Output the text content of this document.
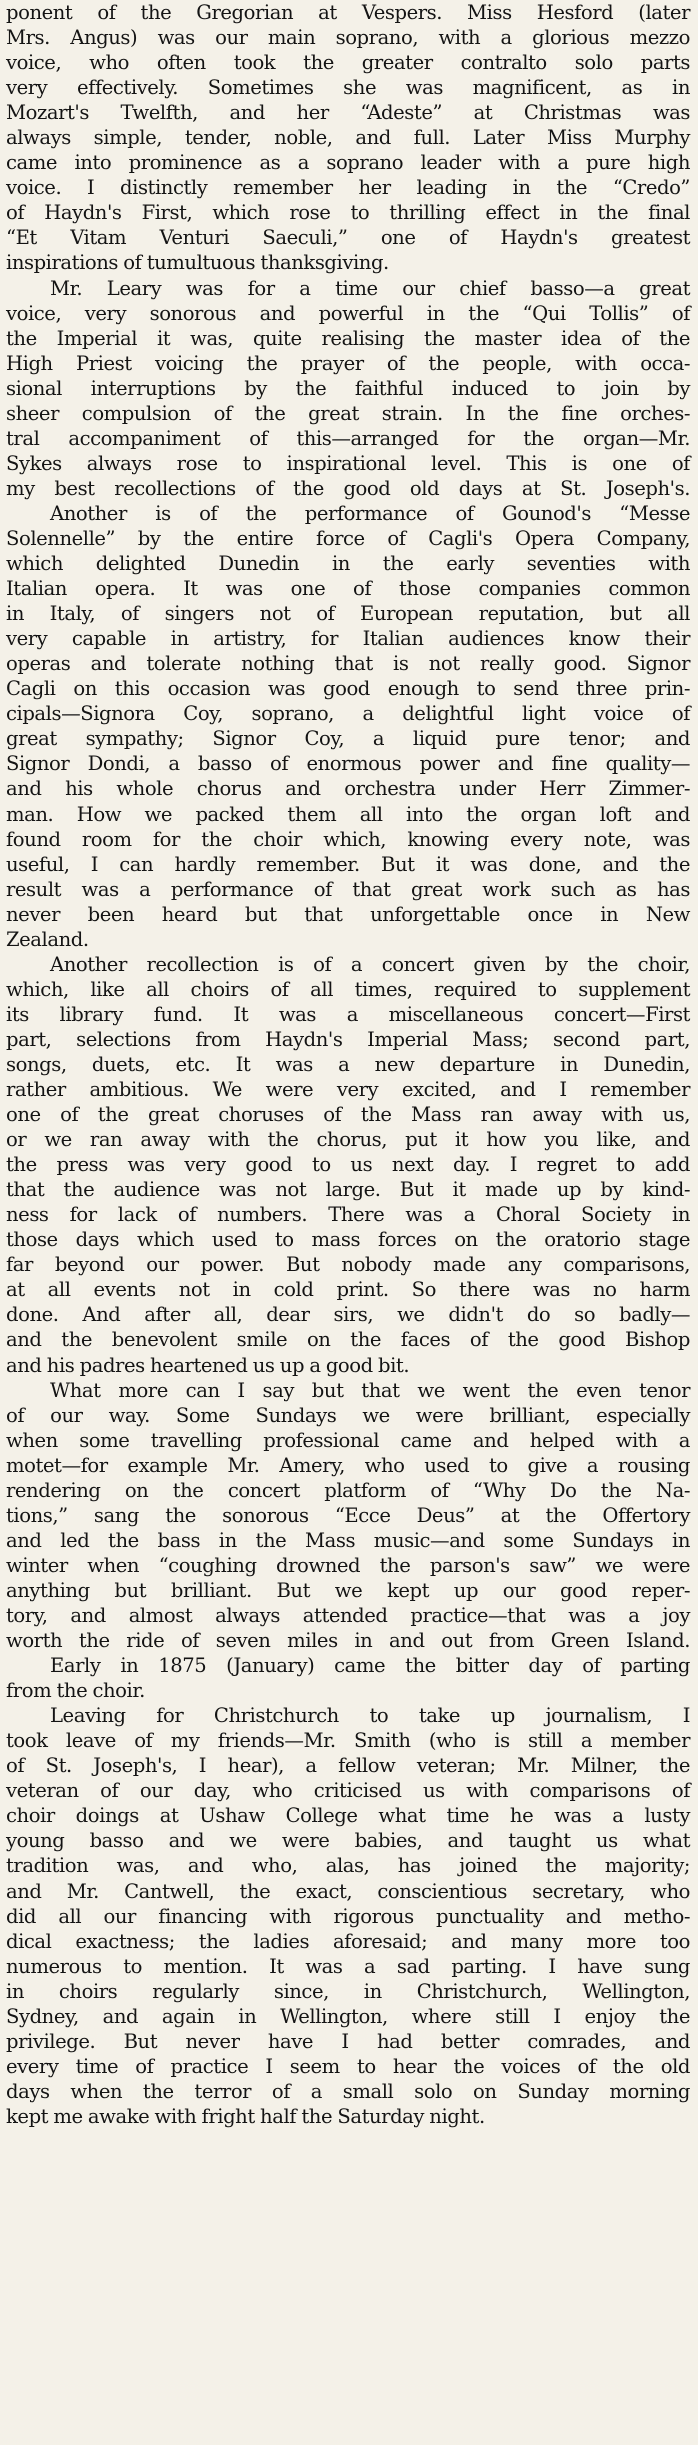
ponent of the Gregorian at Vespers. Miss Hesford (later
Mrs. Angus) was our main soprano, with a glorious mezzo
voice, who often took the greater contralto solo parts
very effectively. Sometimes she was magnificent, as in
Mozart's Twelfth, and her “Adeste” at Christmas was
always simple, tender, noble, and full. Later Miss Murphy
came into prominence as a soprano leader with a pure high
voice. I distinctly remember her leading in the “Credo”
of Haydn's First, which rose to thrilling effect in the final
“Et Vitam Venturi Saeculi,” one of Haydn's greatest
inspirations of tumultuous thanksgiving.

Mr. Leary was for a time our chief basso—a great
voice, very sonorous and powerful in the “Qui Tollis” of
the Imperial it was, quite realising the master idea of the
High Priest voicing the prayer of the people, with occa-
sional interruptions by the faithful induced to join by
sheer compulsion of the great strain. In the fine orches-
tral accompaniment of this—arranged for the organ—Mr.
Sykes always rose to inspirational level. This is one of
my best recollections of the good old days at St. Joseph's.

Another is of the performance of Gounod's “Messe
Solennelle” by the entire force of Cagli's Opera Company,
which delighted Dunedin in the early seventies with
Italian opera. It was one of those companies common
in Italy, of singers not of European reputation, but all
very capable in artistry, for Italian audiences know their
operas and tolerate nothing that is not really good. Signor
Cagli on this occasion was good enough to send three prin-
cipals—Signora Coy, soprano, a delightful light voice of
great sympathy; Signor Coy, a liquid pure tenor; and
Signor Dondi, a basso of enormous power and fine quality—
and his whole chorus and orchestra under Herr Zimmer-
man. How we packed them all into the organ loft and
found room for the choir which, knowing every note, was
useful, I can hardly remember. But it was done, and the
result was a performance of that great work such as has
never been heard but that unforgettable once in New
Zealand.

Another recollection is of a concert given by the choir,
which, like all choirs of all times, required to supplement
its library fund. It was a miscellaneous concert—First
part, selections from Haydn's Imperial Mass; second part,
songs, duets, etc. It was a new departure in Dunedin,
rather ambitious. We were very excited, and I remember
one of the great choruses of the Mass ran away with us,
or we ran away with the chorus, put it how you like, and
the press was very good to us next day. I regret to add
that the audience was not large. But it made up by kind-
ness for lack of numbers. There was a Choral Society in
those days which used to mass forces on the oratorio stage
far beyond our power. But nobody made any comparisons,
at all events not in cold print. So there was no harm
done. And after all, dear sirs, we didn't do so badly—
and the benevolent smile on the faces of the good Bishop
and his padres heartened us up a good bit.

What more can I say but that we went the even tenor
of our way. Some Sundays we were brilliant, especially
when some travelling professional came and helped with a
motet—for example Mr. Amery, who used to give a rousing
rendering on the concert platform of “Why Do the Na-
tions,” sang the sonorous “Ecce Deus” at the Offertory
and led the bass in the Mass music—and some Sundays in
winter when “coughing drowned the parson's saw” we were
anything but brilliant. But we kept up our good reper-
tory, and almost always attended practice—that was a joy
worth the ride of seven miles in and out from Green Island.

Early in 1875 (January) came the bitter day of parting
from the choir.

Leaving for Christchurch to take up journalism, I
took leave of my friends—Mr. Smith (who is still a member
of St. Joseph's, I hear), a fellow veteran; Mr. Milner, the
veteran of our day, who criticised us with comparisons of
choir doings at Ushaw College what time he was a lusty
young basso and we were babies, and taught us what
tradition was, and who, alas, has joined the majority;
and Mr. Cantwell, the exact, conscientious secretary, who
did all our financing with rigorous punctuality and metho-
dical exactness; the ladies aforesaid; and many more too
numerous to mention. It was a sad parting. I have sung
in choirs regularly since, in Christchurch, Wellington,
Sydney, and again in Wellington, where still I enjoy the
privilege. But never have I had better comrades, and
every time of practice I seem to hear the voices of the old
days when the terror of a small solo on Sunday morning
kept me awake with fright half the Saturday night.
